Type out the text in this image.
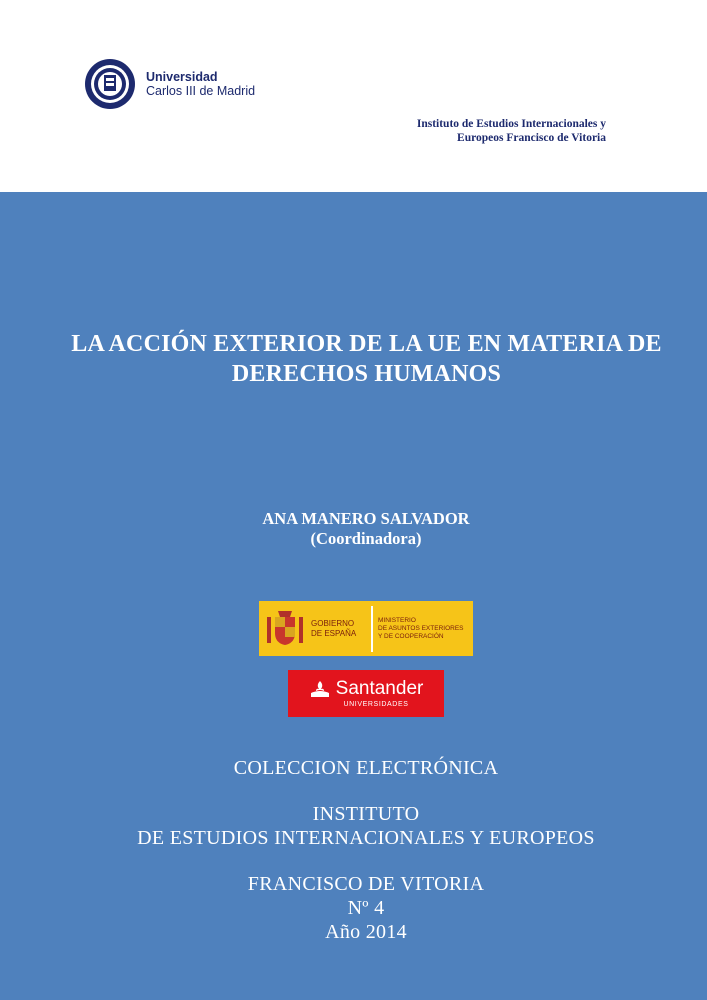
Universidad
Carlos III de Madrid
Instituto de Estudios Internacionales y
Europeos Francisco de Vitoria
LA ACCIÓN EXTERIOR DE LA UE EN MATERIA DE
DERECHOS HUMANOS
ANA MANERO SALVADOR
(Coordinadora)
GOBIERNO
DE ESPAÑA
MINISTERIO
DE ASUNTOS EXTERIORES
Y DE COOPERACIÓN
Santander
UNIVERSIDADES
COLECCION ELECTRÓNICA
INSTITUTO
DE ESTUDIOS INTERNACIONALES Y EUROPEOS
FRANCISCO DE VITORIA
Nº 4
Año 2014
